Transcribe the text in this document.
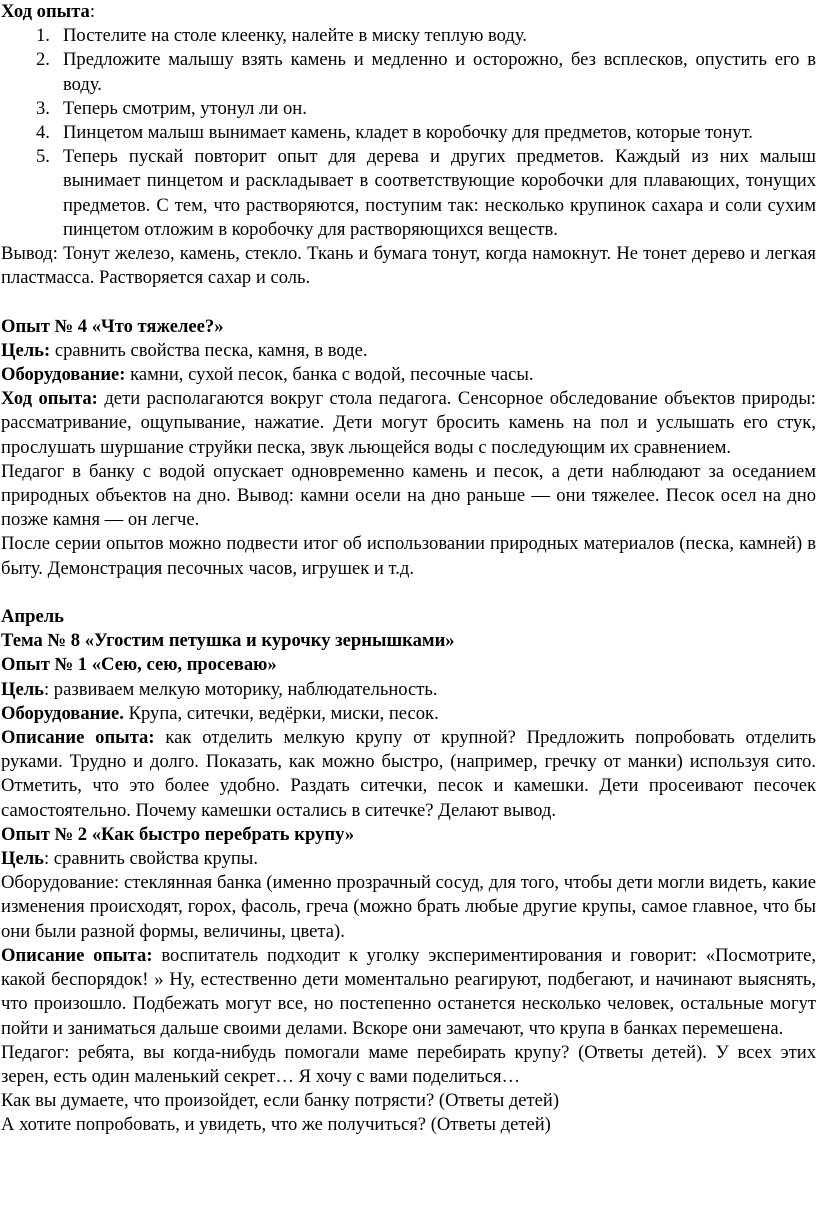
Ход опыта:

1. Постелите на столе клеенку, налейте в миску теплую воду.
2. Предложите малышу взять камень и медленно и осторожно, без всплесков, опустить его в воду.
3. Теперь смотрим, утонул ли он.
4. Пинцетом малыш вынимает камень, кладет в коробочку для предметов, которые тонут.
5. Теперь пускай повторит опыт для дерева и других предметов. Каждый из них малыш вынимает пинцетом и раскладывает в соответствующие коробочки для плавающих, тонущих предметов. С тем, что растворяются, поступим так: несколько крупинок сахара и соли сухим пинцетом отложим в коробочку для растворяющихся веществ.

Вывод: Тонут железо, камень, стекло. Ткань и бумага тонут, когда намокнут. Не тонет дерево и легкая пластмасса. Растворяется сахар и соль.

Опыт № 4 «Что тяжелее?»

Цель: сравнить свойства песка, камня, в воде.

Оборудование: камни, сухой песок, банка с водой, песочные часы.

Ход опыта: дети располагаются вокруг стола педагога. Сенсорное обследование объектов природы: рассматривание, ощупывание, нажатие. Дети могут бросить камень на пол и услышать его стук, прослушать шуршание струйки песка, звук льющейся воды с последующим их сравнением.

Педагог в банку с водой опускает одновременно камень и песок, а дети наблюдают за оседанием природных объектов на дно. Вывод: камни осели на дно раньше — они тяжелее. Песок осел на дно позже камня — он легче.

После серии опытов можно подвести итог об использовании природных материалов (песка, камней) в быту. Демонстрация песочных часов, игрушек и т.д.

Апрель

Тема № 8 «Угостим петушка и курочку зернышками»

Опыт № 1 «Сею, сею, просеваю»

Цель: развиваем мелкую моторику, наблюдательность.

Оборудование. Крупа, ситечки, ведёрки, миски, песок.

Описание опыта: как отделить мелкую крупу от крупной? Предложить попробовать отделить руками. Трудно и долго. Показать, как можно быстро, (например, гречку от манки) используя сито. Отметить, что это более удобно. Раздать ситечки, песок и камешки. Дети просеивают песочек самостоятельно. Почему камешки остались в ситечке? Делают вывод.

Опыт № 2 «Как быстро перебрать крупу»

Цель: сравнить свойства крупы.

Оборудование: стеклянная банка (именно прозрачный сосуд, для того, чтобы дети могли видеть, какие изменения происходят, горох, фасоль, греча (можно брать любые другие крупы, самое главное, что бы они были разной формы, величины, цвета).

Описание опыта: воспитатель подходит к уголку экспериментирования и говорит: «Посмотрите, какой беспорядок! » Ну, естественно дети моментально реагируют, подбегают, и начинают выяснять, что произошло. Подбежать могут все, но постепенно останется несколько человек, остальные могут пойти и заниматься дальше своими делами. Вскоре они замечают, что крупа в банках перемешена.

Педагог: ребята, вы когда-нибудь помогали маме перебирать крупу? (Ответы детей). У всех этих зерен, есть один маленький секрет… Я хочу с вами поделиться…

Как вы думаете, что произойдет, если банку потрясти? (Ответы детей)

А хотите попробовать, и увидеть, что же получиться? (Ответы детей)
